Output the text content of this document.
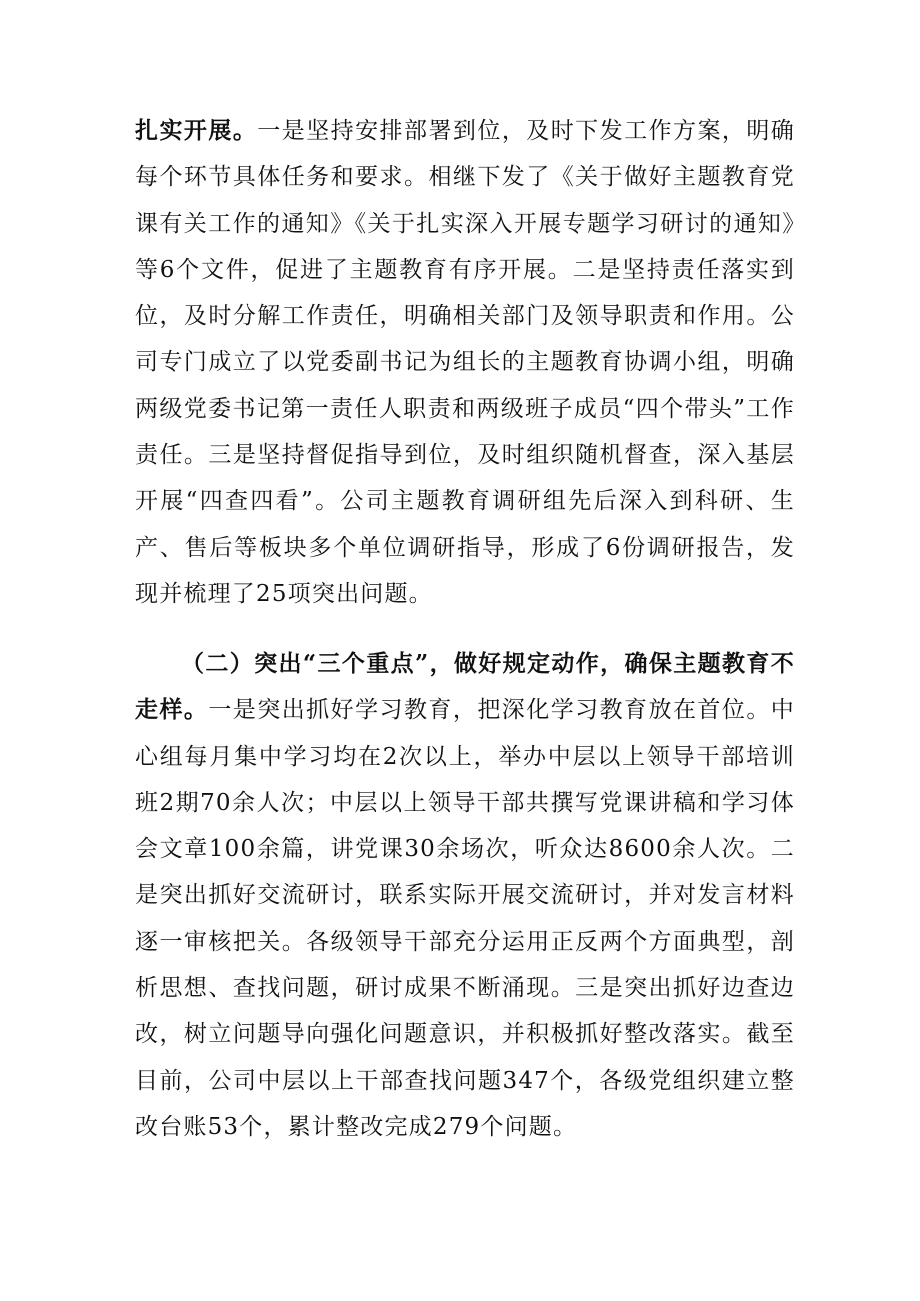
扎实开展。一是坚持安排部署到位，及时下发工作方案，明确每个环节具体任务和要求。相继下发了《关于做好主题教育党课有关工作的通知》《关于扎实深入开展专题学习研讨的通知》等6个文件，促进了主题教育有序开展。二是坚持责任落实到位，及时分解工作责任，明确相关部门及领导职责和作用。公司专门成立了以党委副书记为组长的主题教育协调小组，明确两级党委书记第一责任人职责和两级班子成员“四个带头”工作责任。三是坚持督促指导到位，及时组织随机督查，深入基层开展“四查四看”。公司主题教育调研组先后深入到科研、生产、售后等板块多个单位调研指导，形成了6份调研报告，发现并梳理了25项突出问题。

（二）突出“三个重点”，做好规定动作，确保主题教育不走样。一是突出抓好学习教育，把深化学习教育放在首位。中心组每月集中学习均在2次以上，举办中层以上领导干部培训班2期70余人次；中层以上领导干部共撰写党课讲稿和学习体会文章100余篇，讲党课30余场次，听众达8600余人次。二是突出抓好交流研讨，联系实际开展交流研讨，并对发言材料逐一审核把关。各级领导干部充分运用正反两个方面典型，剖析思想、查找问题，研讨成果不断涌现。三是突出抓好边查边改，树立问题导向强化问题意识，并积极抓好整改落实。截至目前，公司中层以上干部查找问题347个，各级党组织建立整改台账53个，累计整改完成279个问题。
